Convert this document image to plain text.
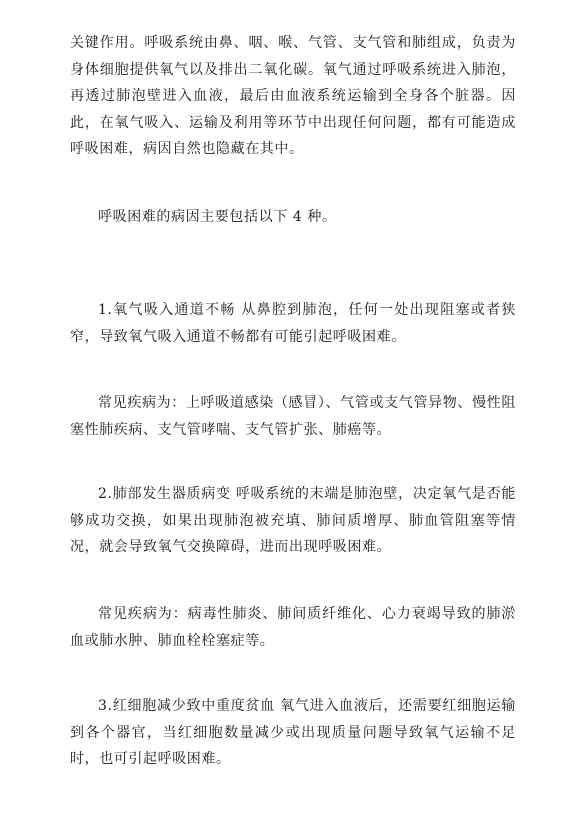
关键作用。呼吸系统由鼻、咽、喉、气管、支气管和肺组成，负责为身体细胞提供氧气以及排出二氧化碳。氧气通过呼吸系统进入肺泡，再透过肺泡壁进入血液，最后由血液系统运输到全身各个脏器。因此，在氧气吸入、运输及利用等环节中出现任何问题，都有可能造成呼吸困难，病因自然也隐藏在其中。

呼吸困难的病因主要包括以下 4 种。

1.氧气吸入通道不畅 从鼻腔到肺泡，任何一处出现阻塞或者狭窄，导致氧气吸入通道不畅都有可能引起呼吸困难。

常见疾病为：上呼吸道感染（感冒）、气管或支气管异物、慢性阻塞性肺疾病、支气管哮喘、支气管扩张、肺癌等。

2.肺部发生器质病变 呼吸系统的末端是肺泡壁，决定氧气是否能够成功交换，如果出现肺泡被充填、肺间质增厚、肺血管阻塞等情况，就会导致氧气交换障碍，进而出现呼吸困难。

常见疾病为：病毒性肺炎、肺间质纤维化、心力衰竭导致的肺淤血或肺水肿、肺血栓栓塞症等。

3.红细胞减少致中重度贫血 氧气进入血液后，还需要红细胞运输到各个器官，当红细胞数量减少或出现质量问题导致氧气运输不足时，也可引起呼吸困难。
